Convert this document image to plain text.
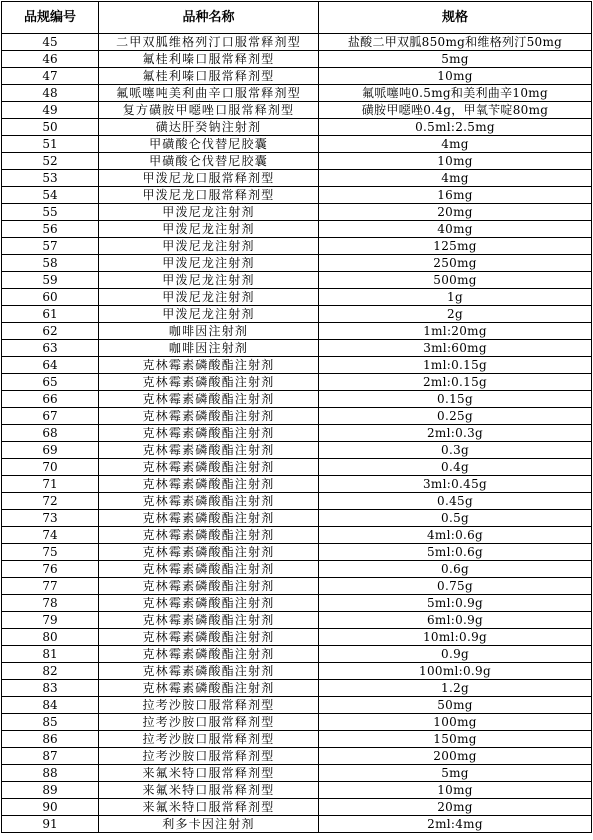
品规编号	品种名称	规格
45	二甲双胍维格列汀口服常释剂型	盐酸二甲双胍850mg和维格列汀50mg
46	氟桂利嗪口服常释剂型	5mg
47	氟桂利嗪口服常释剂型	10mg
48	氟哌噻吨美利曲辛口服常释剂型	氟哌噻吨0.5mg和美利曲辛10mg
49	复方磺胺甲噁唑口服常释剂型	磺胺甲噁唑0.4g，甲氧苄啶80mg
50	磺达肝癸钠注射剂	0.5ml:2.5mg
51	甲磺酸仑伐替尼胶囊	4mg
52	甲磺酸仑伐替尼胶囊	10mg
53	甲泼尼龙口服常释剂型	4mg
54	甲泼尼龙口服常释剂型	16mg
55	甲泼尼龙注射剂	20mg
56	甲泼尼龙注射剂	40mg
57	甲泼尼龙注射剂	125mg
58	甲泼尼龙注射剂	250mg
59	甲泼尼龙注射剂	500mg
60	甲泼尼龙注射剂	1g
61	甲泼尼龙注射剂	2g
62	咖啡因注射剂	1ml:20mg
63	咖啡因注射剂	3ml:60mg
64	克林霉素磷酸酯注射剂	1ml:0.15g
65	克林霉素磷酸酯注射剂	2ml:0.15g
66	克林霉素磷酸酯注射剂	0.15g
67	克林霉素磷酸酯注射剂	0.25g
68	克林霉素磷酸酯注射剂	2ml:0.3g
69	克林霉素磷酸酯注射剂	0.3g
70	克林霉素磷酸酯注射剂	0.4g
71	克林霉素磷酸酯注射剂	3ml:0.45g
72	克林霉素磷酸酯注射剂	0.45g
73	克林霉素磷酸酯注射剂	0.5g
74	克林霉素磷酸酯注射剂	4ml:0.6g
75	克林霉素磷酸酯注射剂	5ml:0.6g
76	克林霉素磷酸酯注射剂	0.6g
77	克林霉素磷酸酯注射剂	0.75g
78	克林霉素磷酸酯注射剂	5ml:0.9g
79	克林霉素磷酸酯注射剂	6ml:0.9g
80	克林霉素磷酸酯注射剂	10ml:0.9g
81	克林霉素磷酸酯注射剂	0.9g
82	克林霉素磷酸酯注射剂	100ml:0.9g
83	克林霉素磷酸酯注射剂	1.2g
84	拉考沙胺口服常释剂型	50mg
85	拉考沙胺口服常释剂型	100mg
86	拉考沙胺口服常释剂型	150mg
87	拉考沙胺口服常释剂型	200mg
88	来氟米特口服常释剂型	5mg
89	来氟米特口服常释剂型	10mg
90	来氟米特口服常释剂型	20mg
91	利多卡因注射剂	2ml:4mg
